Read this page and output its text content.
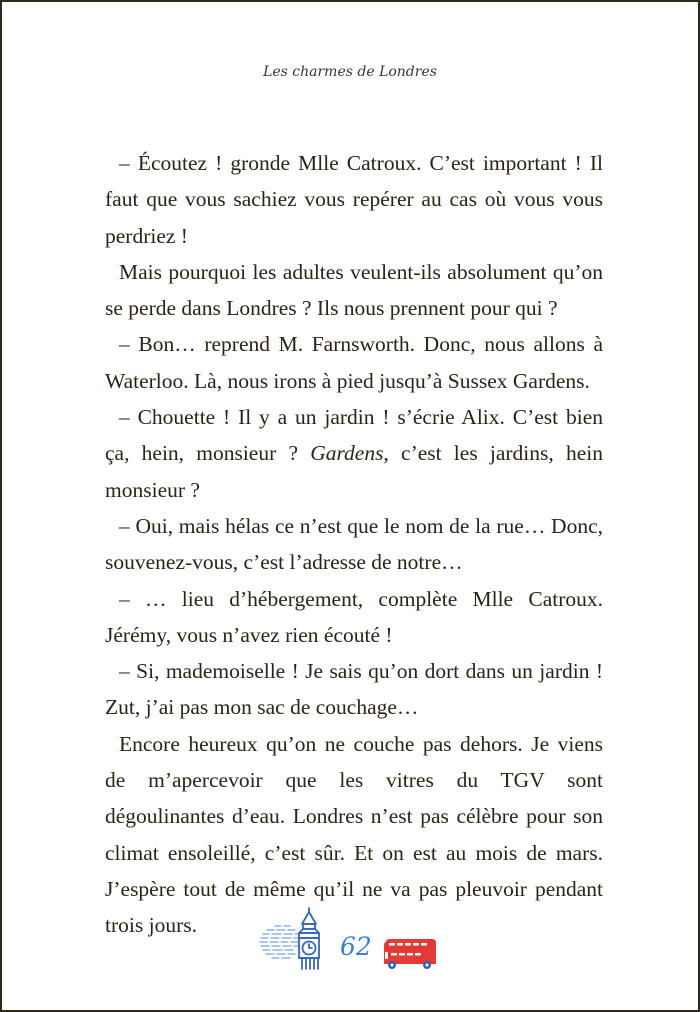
Les charmes de Londres

– Écoutez ! gronde Mlle Catroux. C’est important ! Il faut que vous sachiez vous repérer au cas où vous vous perdriez !

Mais pourquoi les adultes veulent-ils absolument qu’on se perde dans Londres ? Ils nous prennent pour qui ?

– Bon… reprend M. Farnsworth. Donc, nous allons à Waterloo. Là, nous irons à pied jusqu’à Sussex Gardens.

– Chouette ! Il y a un jardin ! s’écrie Alix. C’est bien ça, hein, monsieur ? Gardens, c’est les jardins, hein monsieur ?

– Oui, mais hélas ce n’est que le nom de la rue… Donc, souvenez-vous, c’est l’adresse de notre…

– … lieu d’hébergement, complète Mlle Catroux. Jérémy, vous n’avez rien écouté !

– Si, mademoiselle ! Je sais qu’on dort dans un jardin ! Zut, j’ai pas mon sac de couchage…

Encore heureux qu’on ne couche pas dehors. Je viens de m’apercevoir que les vitres du TGV sont dégoulinantes d’eau. Londres n’est pas célèbre pour son climat ensoleillé, c’est sûr. Et on est au mois de mars. J’espère tout de même qu’il ne va pas pleuvoir pendant trois jours.

62
